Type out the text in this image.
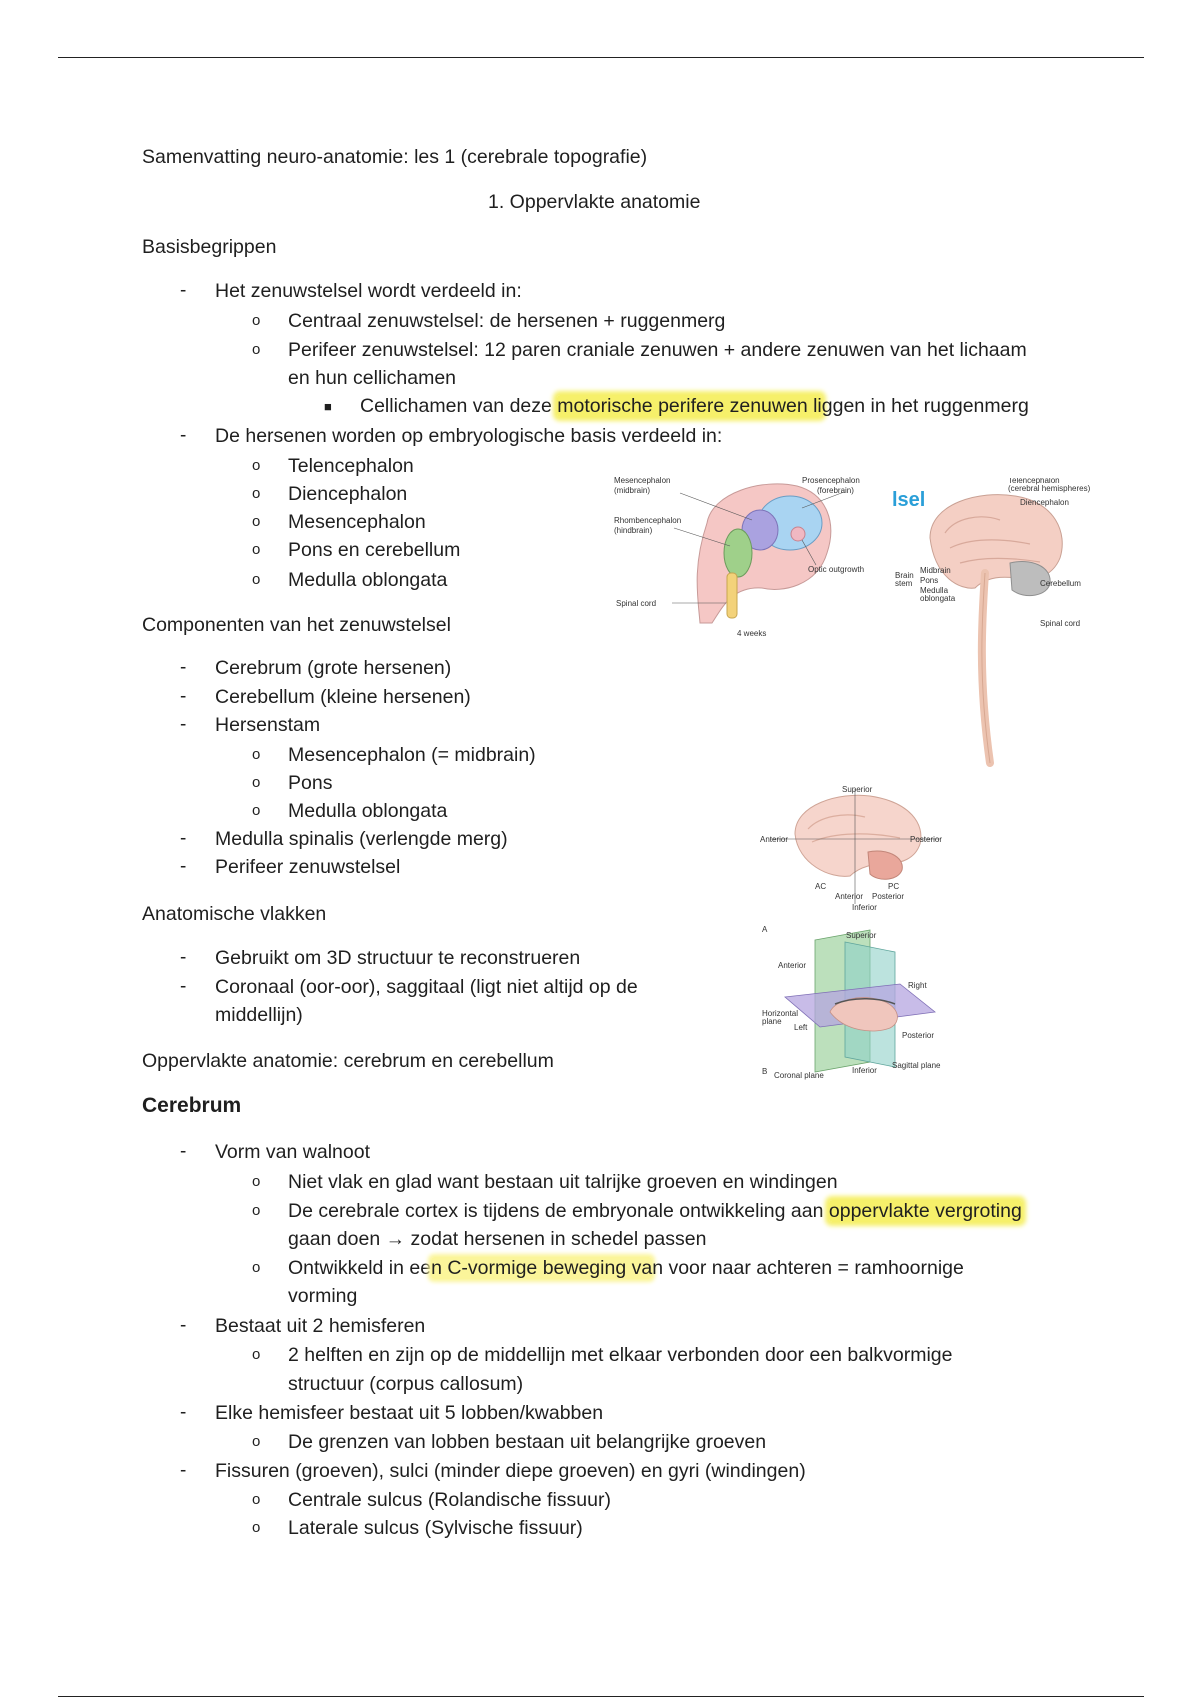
Samenvatting neuro-anatomie: les 1 (cerebrale topografie)
1. Oppervlakte anatomie
Basisbegrippen
- Het zenuwstelsel wordt verdeeld in:
o Centraal zenuwstelsel: de hersenen + ruggenmerg
o Perifeer zenuwstelsel: 12 paren craniale zenuwen + andere zenuwen van het lichaam
en hun cellichamen
■ Cellichamen van deze motorische perifere zenuwen liggen in het ruggenmerg
- De hersenen worden op embryologische basis verdeeld in:
o Telencephalon
o Diencephalon
o Mesencephalon
o Pons en cerebellum
o Medulla oblongata
Componenten van het zenuwstelsel
- Cerebrum (grote hersenen)
- Cerebellum (kleine hersenen)
- Hersenstam
o Mesencephalon (= midbrain)
o Pons
o Medulla oblongata
- Medulla spinalis (verlengde merg)
- Perifeer zenuwstelsel
Anatomische vlakken
- Gebruikt om 3D structuur te reconstrueren
- Coronaal (oor-oor), saggitaal (ligt niet altijd op de
middellijn)
Oppervlakte anatomie: cerebrum en cerebellum
Cerebrum
- Vorm van walnoot
o Niet vlak en glad want bestaan uit talrijke groeven en windingen
o De cerebrale cortex is tijdens de embryonale ontwikkeling aan oppervlakte vergroting
gaan doen → zodat hersenen in schedel passen
o Ontwikkeld in een C-vormige beweging van voor naar achteren = ramhoornige
vorming
- Bestaat uit 2 hemisferen
o 2 helften en zijn op de middellijn met elkaar verbonden door een balkvormige
structuur (corpus callosum)
- Elke hemisfeer bestaat uit 5 lobben/kwabben
o De grenzen van lobben bestaan uit belangrijke groeven
- Fissuren (groeven), sulci (minder diepe groeven) en gyri (windingen)
o Centrale sulcus (Rolandische fissuur)
o Laterale sulcus (Sylvische fissuur)
Mesencephalon
(midbrain)
Prosencephalon
(forebrain)
Rhombencephalon
(hindbrain)
Optic outgrowth
Spinal cord
4 weeks
lsel
Telencephalon
(cerebral hemispheres)
Diencephalon
Midbrain
Pons
Medulla
oblongata
Brain
stem	Cerebellum
Spinal cord
Superior
Anterior	Posterior
AC	PC
Anterior Posterior
Inferior
A
Superior
Anterior
Right
Horizontal
plane
Left
Posterior
B Coronal plane
Inferior
Sagittal plane
